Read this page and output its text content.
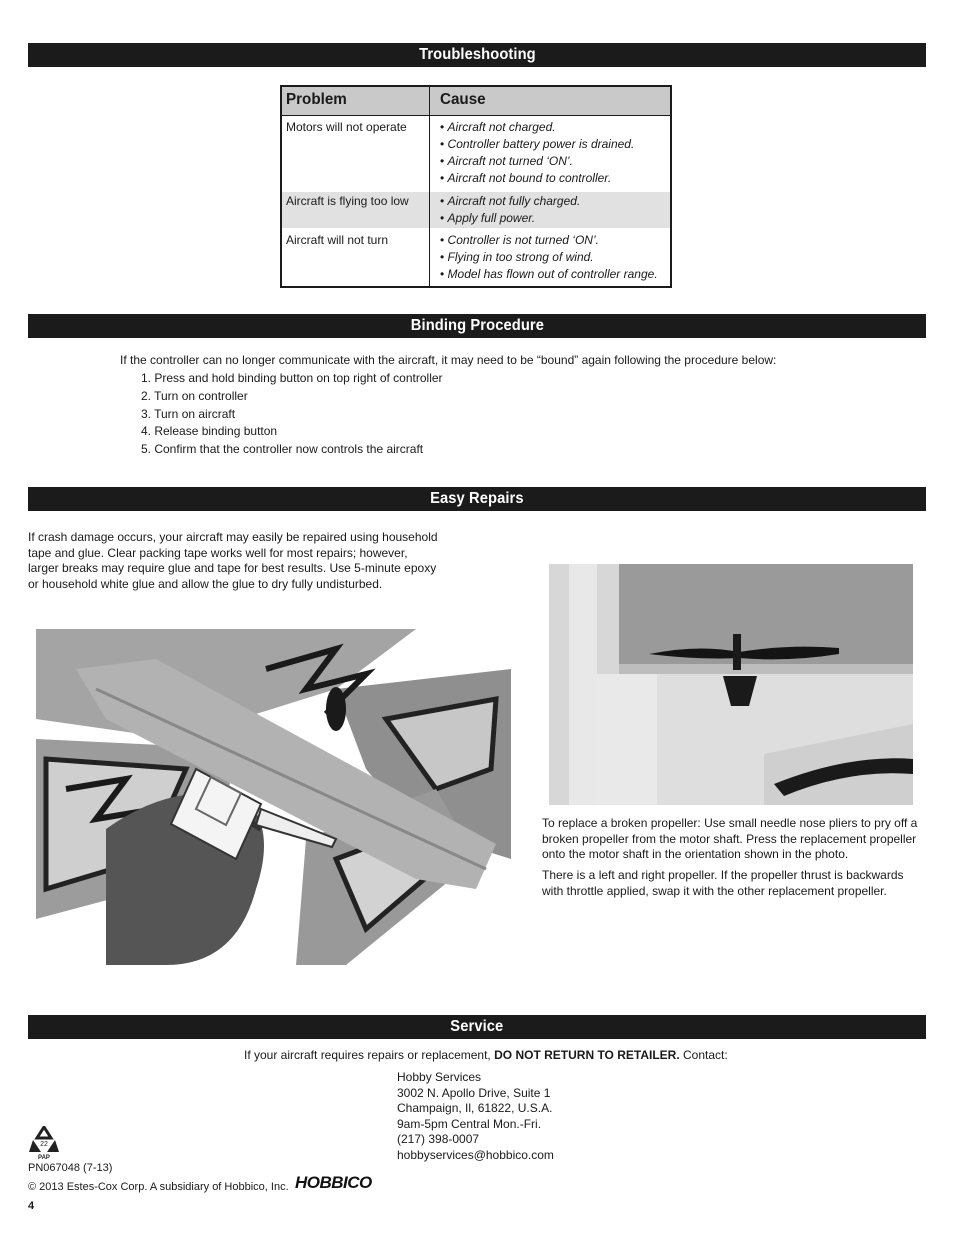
Troubleshooting
Problem	Cause
Motors will not operate	• Aircraft not charged.
• Controller battery power is drained.
• Aircraft not turned ‘ON’.
• Aircraft not bound to controller.
Aircraft is flying too low	• Aircraft not fully charged.
• Apply full power.
Aircraft will not turn	• Controller is not turned ‘ON’.
• Flying in too strong of wind.
• Model has flown out of controller range.
Binding Procedure
If the controller can no longer communicate with the aircraft, it may need to be “bound” again following the procedure below:
1. Press and hold binding button on top right of controller
2. Turn on controller
3. Turn on aircraft
4. Release binding button
5. Confirm that the controller now controls the aircraft
Easy Repairs
If crash damage occurs, your aircraft may easily be repaired using household
tape and glue. Clear packing tape works well for most repairs; however,
larger breaks may require glue and tape for best results. Use 5-minute epoxy
or household white glue and allow the glue to dry fully undisturbed.
To replace a broken propeller: Use small needle nose pliers to pry off a
broken propeller from the motor shaft. Press the replacement propeller
onto the motor shaft in the orientation shown in the photo.
There is a left and right propeller. If the propeller thrust is backwards
with throttle applied, swap it with the other replacement propeller.
Service
If your aircraft requires repairs or replacement, DO NOT RETURN TO RETAILER. Contact:
Hobby Services
3002 N. Apollo Drive, Suite 1
Champaign, Il, 61822, U.S.A.
9am-5pm Central Mon.-Fri.
(217) 398-0007
hobbyservices@hobbico.com
22
PAP
PN067048 (7-13)
© 2013 Estes-Cox Corp. A subsidiary of Hobbico, Inc. HOBBICO
4
